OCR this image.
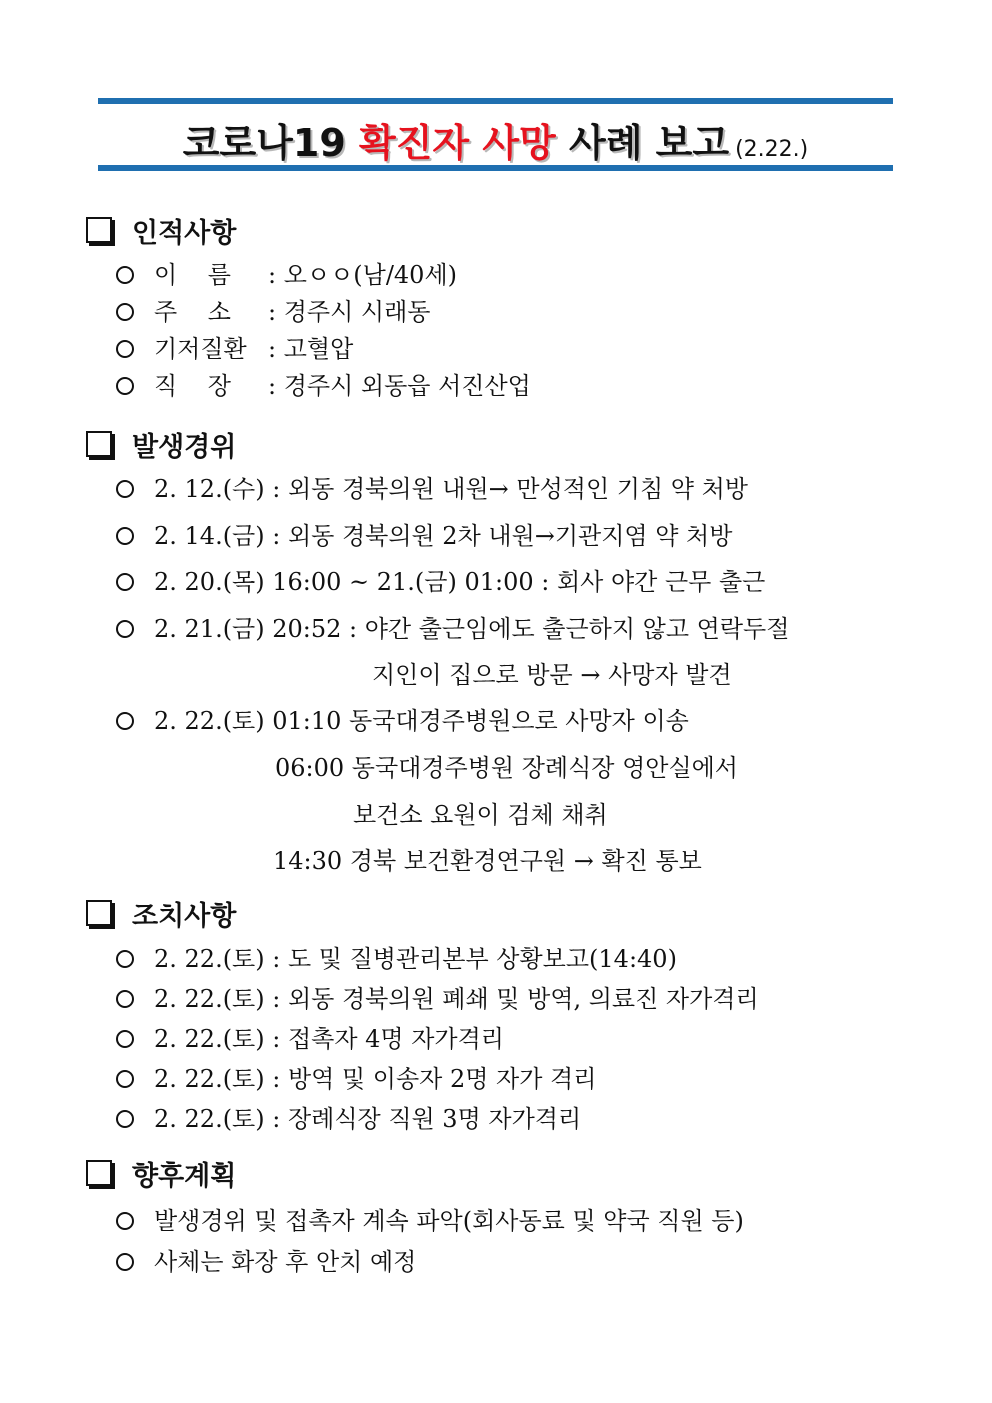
코로나19 확진자 사망 사례 보고 (2.22.)
인적사항
이    름 : 오ㅇㅇ(남/40세)
주    소 : 경주시 시래동
기저질환 : 고혈압
직    장 : 경주시 외동읍 서진산업
발생경위
2. 12.(수) : 외동 경북의원 내원→ 만성적인 기침 약 처방
2. 14.(금) : 외동 경북의원 2차 내원→기관지염 약 처방
2. 20.(목) 16:00 ~ 21.(금) 01:00 : 회사 야간 근무 출근
2. 21.(금) 20:52 : 야간 출근임에도 출근하지 않고 연락두절
지인이 집으로 방문 → 사망자 발견
2. 22.(토) 01:10 동국대경주병원으로 사망자 이송
06:00 동국대경주병원 장례식장 영안실에서
보건소 요원이 검체 채취
14:30 경북 보건환경연구원 → 확진 통보
조치사항
2. 22.(토) : 도 및 질병관리본부 상황보고(14:40)
2. 22.(토) : 외동 경북의원 폐쇄 및 방역, 의료진 자가격리
2. 22.(토) : 접촉자 4명 자가격리
2. 22.(토) : 방역 및 이송자 2명 자가 격리
2. 22.(토) : 장례식장 직원 3명 자가격리
향후계획
발생경위 및 접촉자 계속 파악(회사동료 및 약국 직원 등)
사체는 화장 후 안치 예정
